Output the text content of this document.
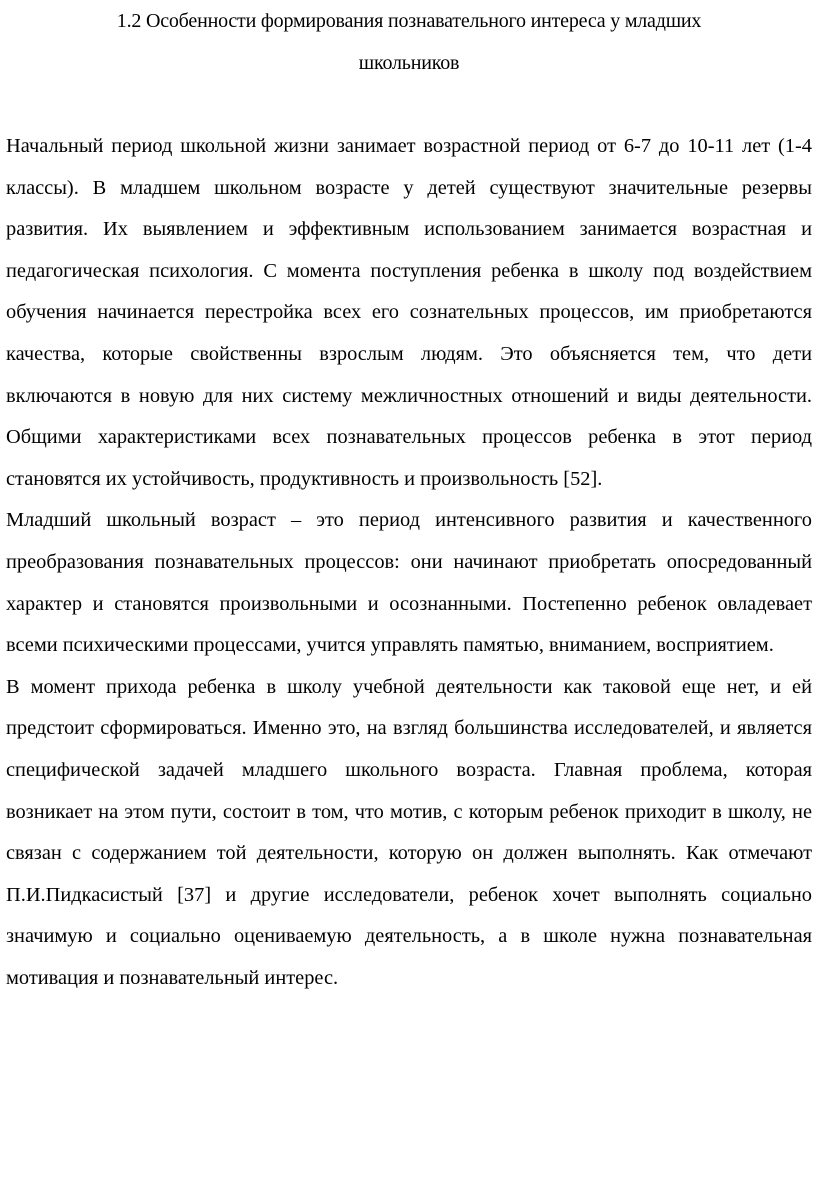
1.2 Особенности формирования познавательного интереса у младших
школьников

Начальный период школьной жизни занимает возрастной период от 6-7 до 10-11 лет (1-4 классы). В младшем школьном возрасте у детей существуют значительные резервы развития. Их выявлением и эффективным использованием занимается возрастная и педагогическая психология. С момента поступления ребенка в школу под воздействием обучения начинается перестройка всех его сознательных процессов, им приобретаются качества, которые свойственны взрослым людям. Это объясняется тем, что дети включаются в новую для них систему межличностных отношений и виды деятельности. Общими характеристиками всех познавательных процессов ребенка в этот период становятся их устойчивость, продуктивность и произвольность [52].

Младший школьный возраст – это период интенсивного развития и качественного преобразования познавательных процессов: они начинают приобретать опосредованный характер и становятся произвольными и осознанными. Постепенно ребенок овладевает всеми психическими процессами, учится управлять памятью, вниманием, восприятием.

В момент прихода ребенка в школу учебной деятельности как таковой еще нет, и ей предстоит сформироваться. Именно это, на взгляд большинства исследователей, и является специфической задачей младшего школьного возраста. Главная проблема, которая возникает на этом пути, состоит в том, что мотив, с которым ребенок приходит в школу, не связан с содержанием той деятельности, которую он должен выполнять. Как отмечают П.И.Пидкасистый [37] и другие исследователи, ребенок хочет выполнять социально значимую и социально оцениваемую деятельность, а в школе нужна познавательная мотивация и познавательный интерес.
